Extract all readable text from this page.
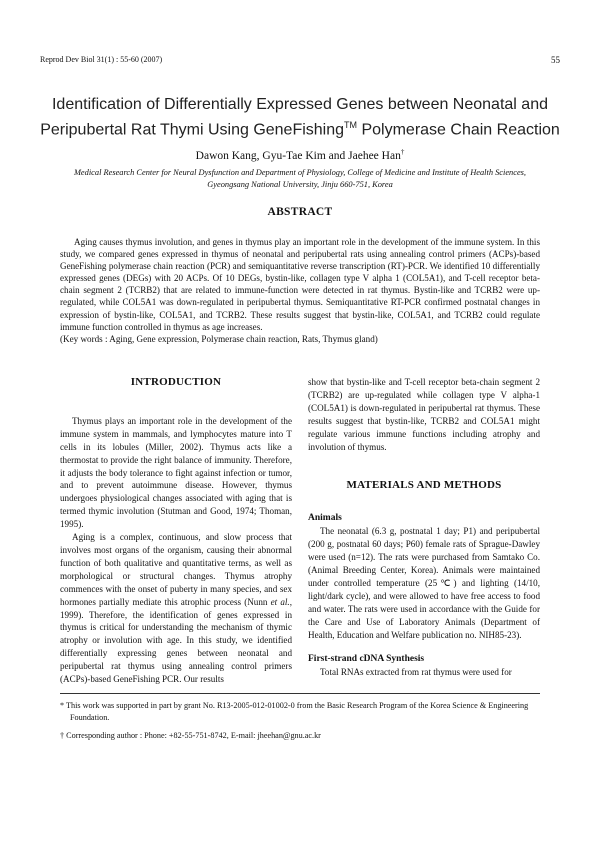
Reprod Dev Biol 31(1) : 55-60 (2007)	55
Identification of Differentially Expressed Genes between Neonatal and
Peripubertal Rat Thymi Using GeneFishing™ Polymerase Chain Reaction
Dawon Kang, Gyu-Tae Kim and Jaehee Han†
Medical Research Center for Neural Dysfunction and Department of Physiology, College of Medicine and Institute of Health Sciences,
Gyeongsang National University, Jinju 660-751, Korea
ABSTRACT

Aging causes thymus involution, and genes in thymus play an important role in the development of the immune system. In this study, we compared genes expressed in thymus of neonatal and peripubertal rats using annealing control primers (ACPs)-based GeneFishing polymerase chain reaction (PCR) and semiquantitative reverse transcription (RT)-PCR. We identified 10 differentially expressed genes (DEGs) with 20 ACPs. Of 10 DEGs, bystin-like, collagen type V alpha 1 (COL5A1), and T-cell receptor beta-chain segment 2 (TCRB2) that are related to immune-function were detected in rat thymus. Bystin-like and TCRB2 were up-regulated, while COL5A1 was down-regulated in peripubertal thymus. Semiquantitative RT-PCR confirmed postnatal changes in expression of bystin-like, COL5A1, and TCRB2. These results suggest that bystin-like, COL5A1, and TCRB2 could regulate immune function controlled in thymus as age increases.

(Key words : Aging, Gene expression, Polymerase chain reaction, Rats, Thymus gland)
INTRODUCTION

Thymus plays an important role in the development of the immune system in mammals, and lymphocytes mature into T cells in its lobules (Miller, 2002). Thymus acts like a thermostat to provide the right balance of immunity. Therefore, it adjusts the body tolerance to fight against infection or tumor, and to prevent autoimmune disease. However, thymus undergoes physiological changes associated with aging that is termed thymic involution (Stutman and Good, 1974; Thoman, 1995).

Aging is a complex, continuous, and slow process that involves most organs of the organism, causing their abnormal function of both qualitative and quantitative terms, as well as morphological or structural changes. Thymus atrophy commences with the onset of puberty in many species, and sex hormones partially mediate this atrophic process (Nunn et al., 1999). Therefore, the identification of genes expressed in thymus is critical for understanding the mechanism of thymic atrophy or involution with age. In this study, we identified differentially expressing genes between neonatal and peripubertal rat thymus using annealing control primers (ACPs)-based GeneFishing PCR. Our results

show that bystin-like and T-cell receptor beta-chain segment 2 (TCRB2) are up-regulated while collagen type V alpha-1 (COL5A1) is down-regulated in peripubertal rat thymus. These results suggest that bystin-like, TCRB2 and COL5A1 might regulate various immune functions including atrophy and involution of thymus.

MATERIALS AND METHODS
Animals

The neonatal (6.3 g, postnatal 1 day; P1) and peripubertal (200 g, postnatal 60 days; P60) female rats of Sprague-Dawley were used (n=12). The rats were purchased from Samtako Co. (Animal Breeding Center, Korea). Animals were maintained under controlled temperature (25℃) and lighting (14/10, light/dark cycle), and were allowed to have free access to food and water. The rats were used in accordance with the Guide for the Care and Use of Laboratory Animals (Department of Health, Education and Welfare publication no. NIH85-23).

First-strand cDNA Synthesis

Total RNAs extracted from rat thymus were used for

* This work was supported in part by grant No. R13-2005-012-01002-0 from the Basic Research Program of the Korea Science & Engineering Foundation.

† Corresponding author : Phone: +82-55-751-8742, E-mail: jheehan@gnu.ac.kr
